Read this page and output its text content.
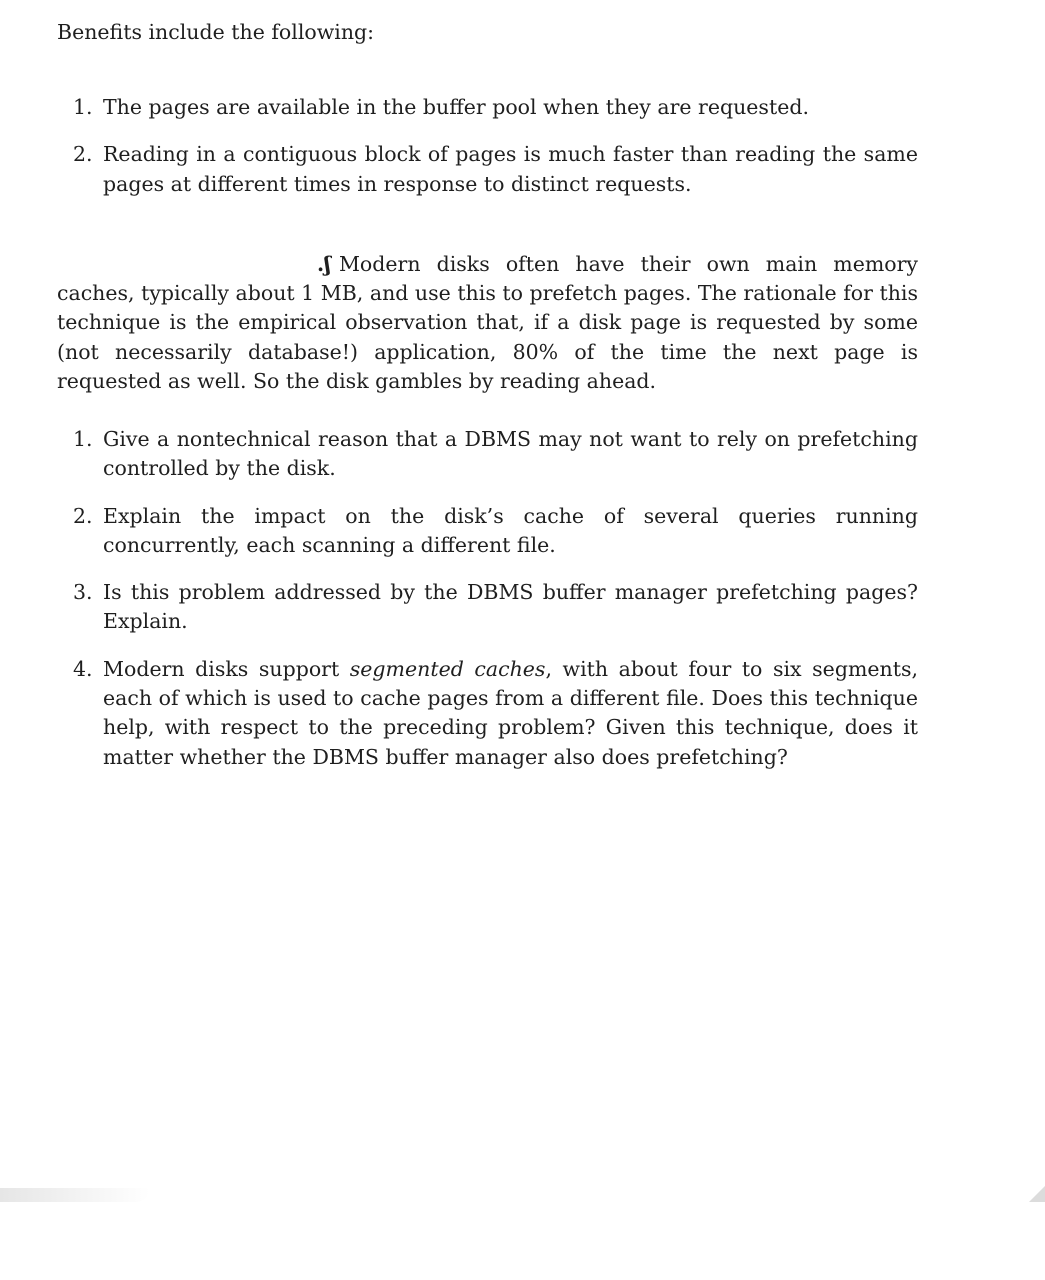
Benefits include the following:

1. The pages are available in the buffer pool when they are requested.
2. Reading in a contiguous block of pages is much faster than reading the same pages at different times in response to distinct requests.

.ʃ Modern disks often have their own main memory caches, typically about 1 MB, and use this to prefetch pages. The rationale for this technique is the empirical observation that, if a disk page is requested by some (not necessarily database!) application, 80% of the time the next page is requested as well. So the disk gambles by reading ahead.

1. Give a nontechnical reason that a DBMS may not want to rely on prefetching controlled by the disk.
2. Explain the impact on the disk’s cache of several queries running concurrently, each scanning a different file.
3. Is this problem addressed by the DBMS buffer manager prefetching pages? Explain.
4. Modern disks support segmented caches, with about four to six segments, each of which is used to cache pages from a different file. Does this technique help, with respect to the preceding problem? Given this technique, does it matter whether the DBMS buffer manager also does prefetching?
